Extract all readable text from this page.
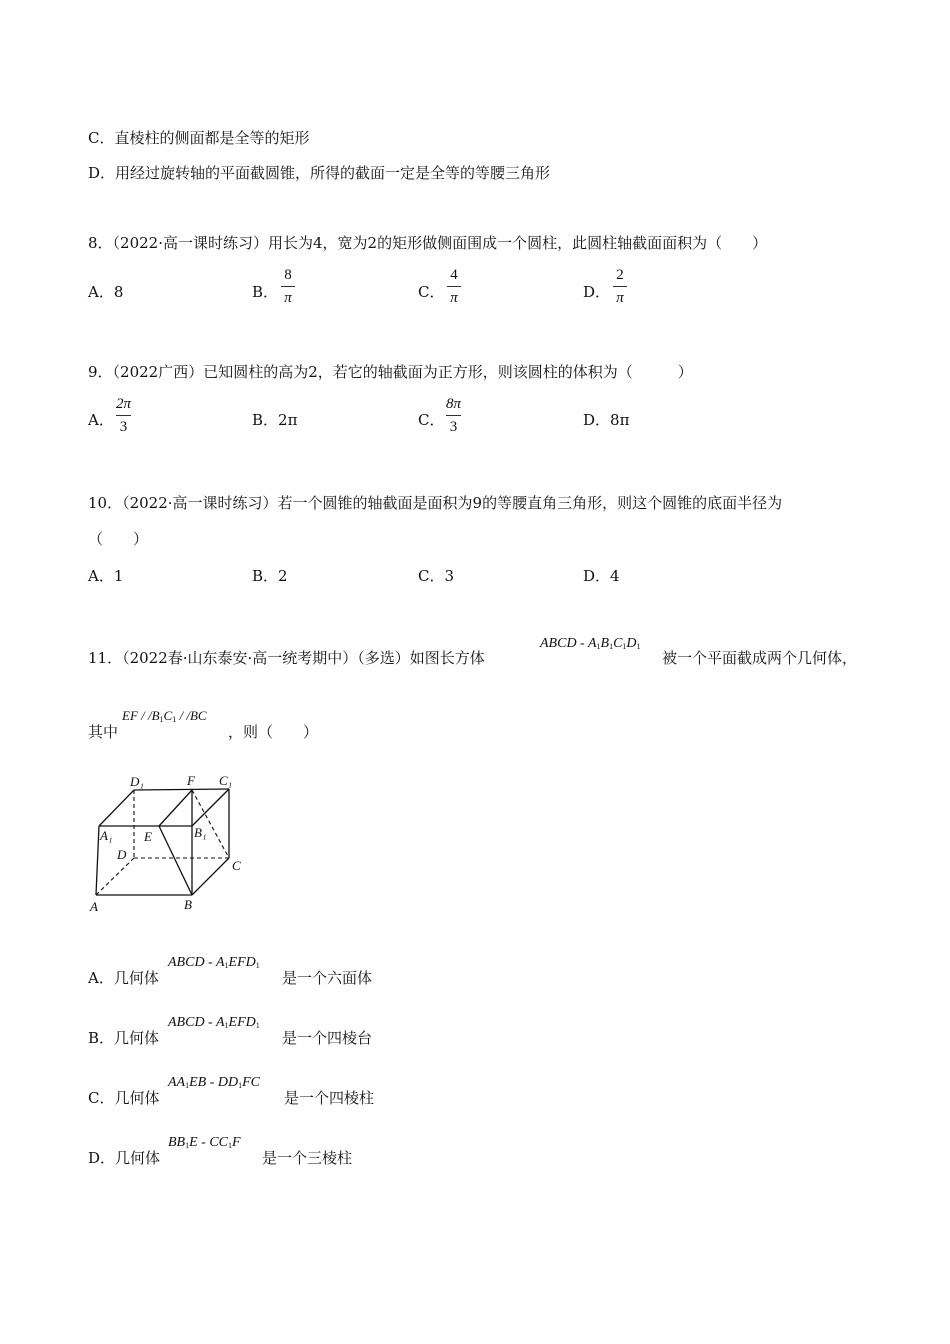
C．直棱柱的侧面都是全等的矩形
D．用经过旋转轴的平面截圆锥，所得的截面一定是全等的等腰三角形
8．（2022·高一课时练习）用长为4，宽为2的矩形做侧面围成一个圆柱，此圆柱轴截面面积为（　　）
A．8	B．
8
π	C．
4
π	D．
2
π
9．（2022广西）已知圆柱的高为2，若它的轴截面为正方形，则该圆柱的体积为（　　　）
A．
2π
3	B．2π	C．
8π
3	D．8π
10．（2022·高一课时练习）若一个圆锥的轴截面是面积为9的等腰直角三角形，则这个圆锥的底面半径为
（　　）
A．1	B．2	C．3	D．4
11．（2022春·山东泰安·高一统考期中）（多选）如图长方体
ABCD - $A_1B_1C_1D_1$
被一个平面截成两个几何体，
其中
EF / $/B_1C_1 / /BC$
，则（　　）
D₁	F C₁
A₁ E	B₁
D
C
A	B
A．几何体
ABCD - $A_1EFD_1$
是一个六面体
B．几何体
ABCD - $A_1EFD_1$
是一个四棱台
C．几何体
$AA_1EB - DD_1FC$
是一个四棱柱
D．几何体
$BB_1E - CC_1F$
是一个三棱柱
